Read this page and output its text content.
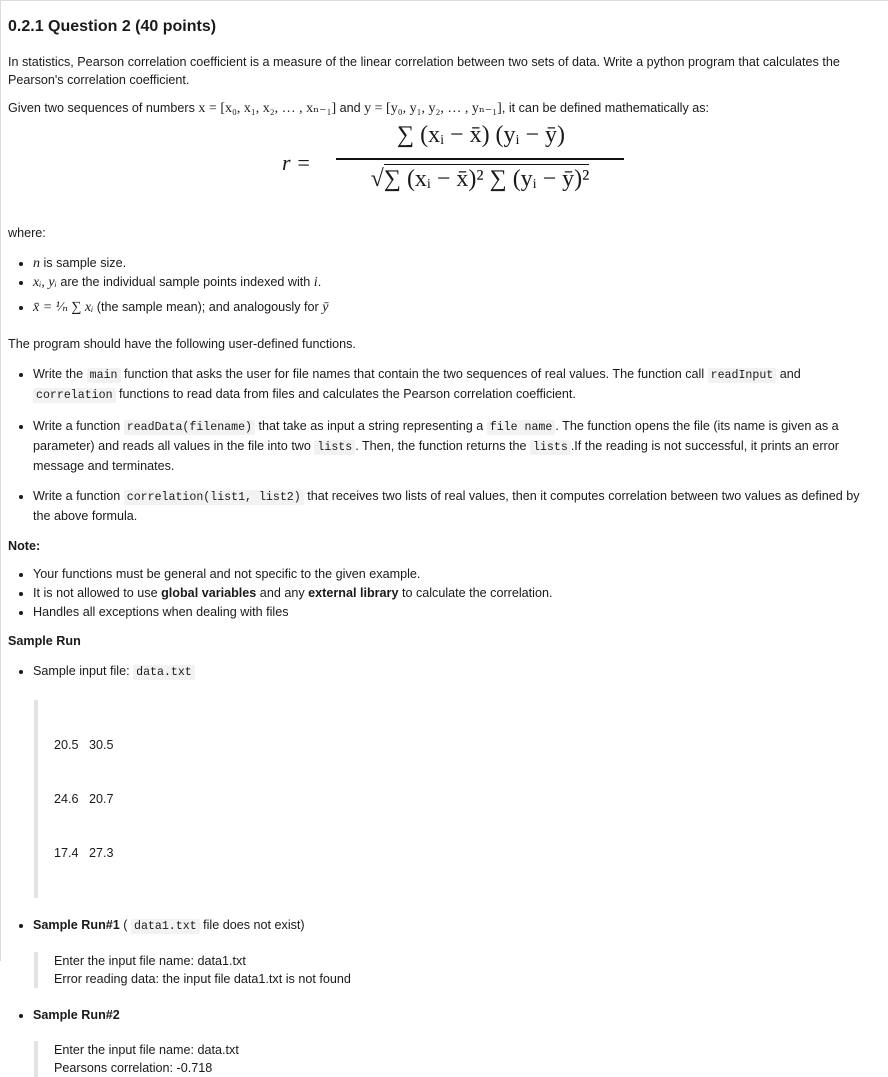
0.2.1 Question 2 (40 points)

In statistics, Pearson correlation coefficient is a measure of the linear correlation between two sets of data. Write a python program that calculates the Pearson's correlation coefficient.

Given two sequences of numbers x = [x₀, x₁, x₂, … , xₙ₋₁] and y = [y₀, y₁, y₂, … , yₙ₋₁], it can be defined mathematically as:

r =
∑ (xᵢ − x̄) (yᵢ − ȳ)
√∑ (xᵢ − x̄)² ∑ (yᵢ − ȳ)²

where:

• n is sample size.
• xᵢ, yᵢ are the individual sample points indexed with i.
• x̄ = ¹⁄ₙ ∑ xᵢ (the sample mean); and analogously for ȳ

The program should have the following user-defined functions.

• Write the main function that asks the user for file names that contain the two sequences of real values. The function call readInput and correlation functions to read data from files and calculates the Pearson correlation coefficient.
• Write a function readData(filename) that take as input a string representing a file name . The function opens the file (its name is given as a parameter) and reads all values in the file into two lists . Then, the function returns the lists .If the reading is not successful, it prints an error message and terminates.
• Write a function correlation(list1, list2) that receives two lists of real values, then it computes correlation between two values as defined by the above formula.

Note:

• Your functions must be general and not specific to the given example.
• It is not allowed to use global variables and any external library to calculate the correlation.
• Handles all exceptions when dealing with files

Sample Run

• Sample input file: data.txt

20.5   30.5

24.6   20.7

17.4   27.3

• Sample Run#1 ( data1.txt file does not exist)
Enter the input file name: data1.txt
Error reading data: the input file data1.txt is not found
• Sample Run#2
Enter the input file name: data.txt
Pearsons correlation: -0.718
